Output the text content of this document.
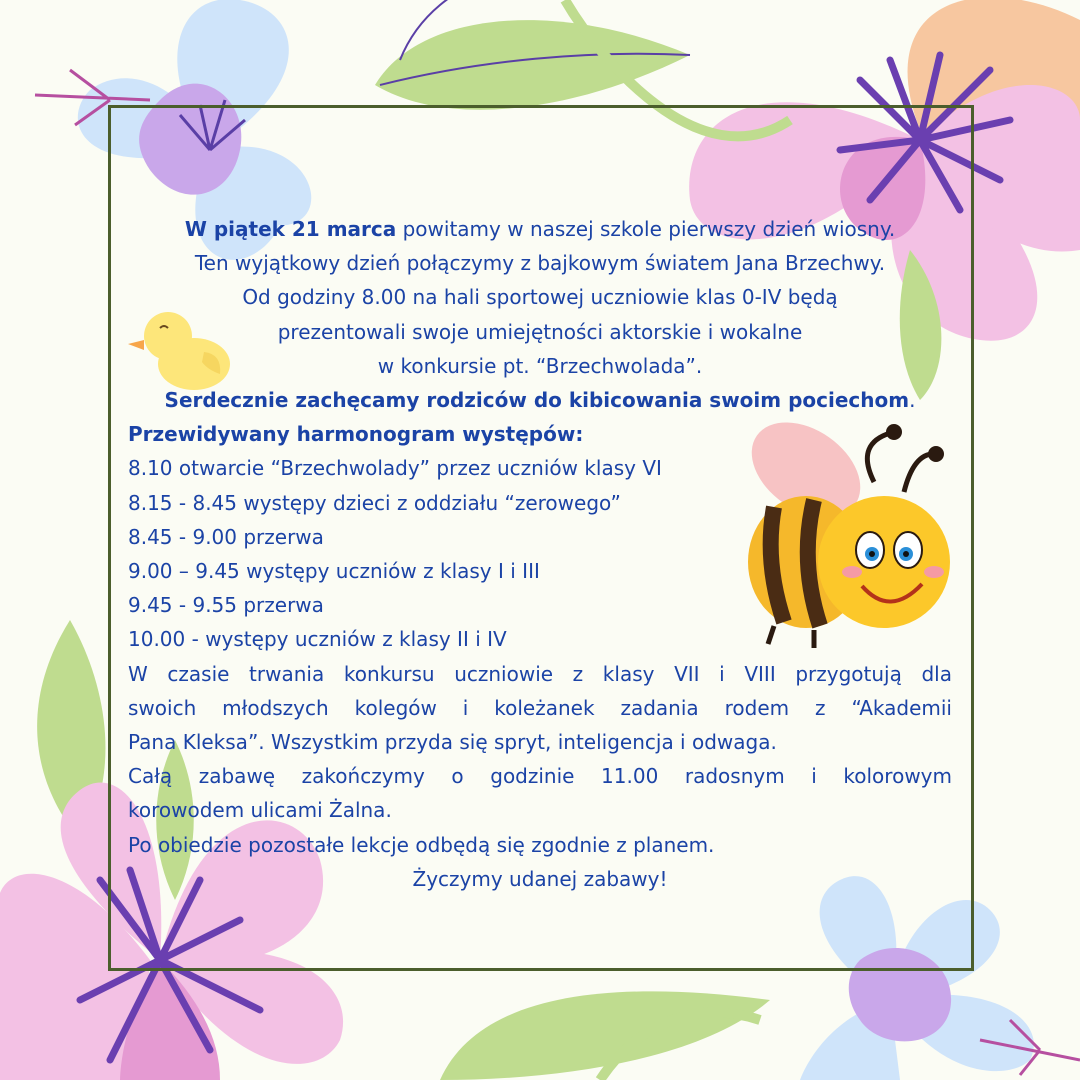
W piątek 21 marca powitamy w naszej szkole pierwszy dzień wiosny.
Ten wyjątkowy dzień połączymy z bajkowym światem Jana Brzechwy.
Od godziny 8.00 na hali sportowej uczniowie klas 0-IV będą
prezentowali swoje umiejętności aktorskie i wokalne
w konkursie pt. “Brzechwolada”.
Serdecznie zachęcamy rodziców do kibicowania swoim pociechom.
Przewidywany harmonogram występów:
8.10 otwarcie “Brzechwolady” przez uczniów klasy VI
8.15 - 8.45 występy dzieci z oddziału “zerowego”
8.45 - 9.00 przerwa
9.00 – 9.45 występy uczniów z klasy I i III
9.45 - 9.55 przerwa
10.00 - występy uczniów z klasy II i IV
W czasie trwania konkursu uczniowie z klasy VII i VIII przygotują dla
swoich młodszych kolegów i koleżanek zadania rodem z “Akademii
Pana Kleksa”. Wszystkim przyda się spryt, inteligencja i odwaga.
Całą zabawę zakończymy o godzinie 11.00 radosnym i kolorowym
korowodem ulicami Żalna.
Po obiedzie pozostałe lekcje odbędą się zgodnie z planem.
Życzymy udanej zabawy!
